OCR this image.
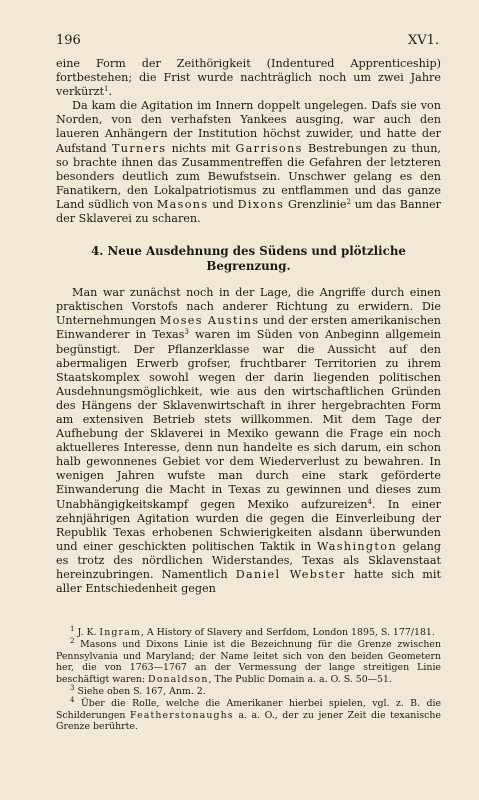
196	XV1.

eine Form der Zeithörigkeit (Indentured Apprenticeship) fortbestehen; die Frist wurde nachträglich noch um zwei Jahre verkürzt$^1$.

Da kam die Agitation im Innern doppelt ungelegen. Dafs sie von Norden, von den verhafsten Yankees ausging, war auch den laueren Anhängern der Institution höchst zuwider, und hatte der Aufstand Turners nichts mit Garrisons Bestrebungen zu thun, so brachte ihnen das Zusammentreffen die Gefahren der letzteren besonders deutlich zum Bewufstsein. Unschwer gelang es den Fanatikern, den Lokalpatriotismus zu entflammen und das ganze Land südlich von Masons und Dixons Grenzlinie$^2$ um das Banner der Sklaverei zu scharen.

4. Neue Ausdehnung des Südens und plötzliche Begrenzung.

Man war zunächst noch in der Lage, die Angriffe durch einen praktischen Vorstofs nach anderer Richtung zu erwidern. Die Unternehmungen Moses Austins und der ersten amerikanischen Einwanderer in Texas$^3$ waren im Süden von Anbeginn allgemein begünstigt. Der Pflanzerklasse war die Aussicht auf den abermaligen Erwerb grofser, fruchtbarer Territorien zu ihrem Staatskomplex sowohl wegen der darin liegenden politischen Ausdehnungsmöglichkeit, wie aus den wirtschaftlichen Gründen des Hängens der Sklavenwirtschaft in ihrer hergebrachten Form am extensiven Betrieb stets willkommen. Mit dem Tage der Aufhebung der Sklaverei in Mexiko gewann die Frage ein noch aktuelleres Interesse, denn nun handelte es sich darum, ein schon halb gewonnenes Gebiet vor dem Wiederverlust zu bewahren. In wenigen Jahren wufste man durch eine stark geförderte Einwanderung die Macht in Texas zu gewinnen und dieses zum Unabhängigkeitskampf gegen Mexiko aufzureizen$^4$. In einer zehnjährigen Agitation wurden die gegen die Einverleibung der Republik Texas erhobenen Schwierigkeiten alsdann überwunden und einer geschickten politischen Taktik in Washington gelang es trotz des nördlichen Widerstandes, Texas als Sklavenstaat hereinzubringen. Namentlich Daniel Webster hatte sich mit aller Entschiedenheit gegen

$^1$ J. K. Ingram, A History of Slavery and Serfdom, London 1895, S. 177/181.

$^2$ Masons und Dixons Linie ist die Bezeichnung für die Grenze zwischen Pennsylvania und Maryland; der Name leitet sich von den beiden Geometern her, die von 1763—1767 an der Vermessung der lange streitigen Linie beschäftigt waren: Donaldson, The Public Domain a. a. O. S. 50—51.

$^3$ Siehe oben S. 167, Anm. 2.

$^4$ Über die Rolle, welche die Amerikaner hierbei spielen, vgl. z. B. die Schilderungen Featherstonaughs a. a. O., der zu jener Zeit die texanische Grenze berührte.
